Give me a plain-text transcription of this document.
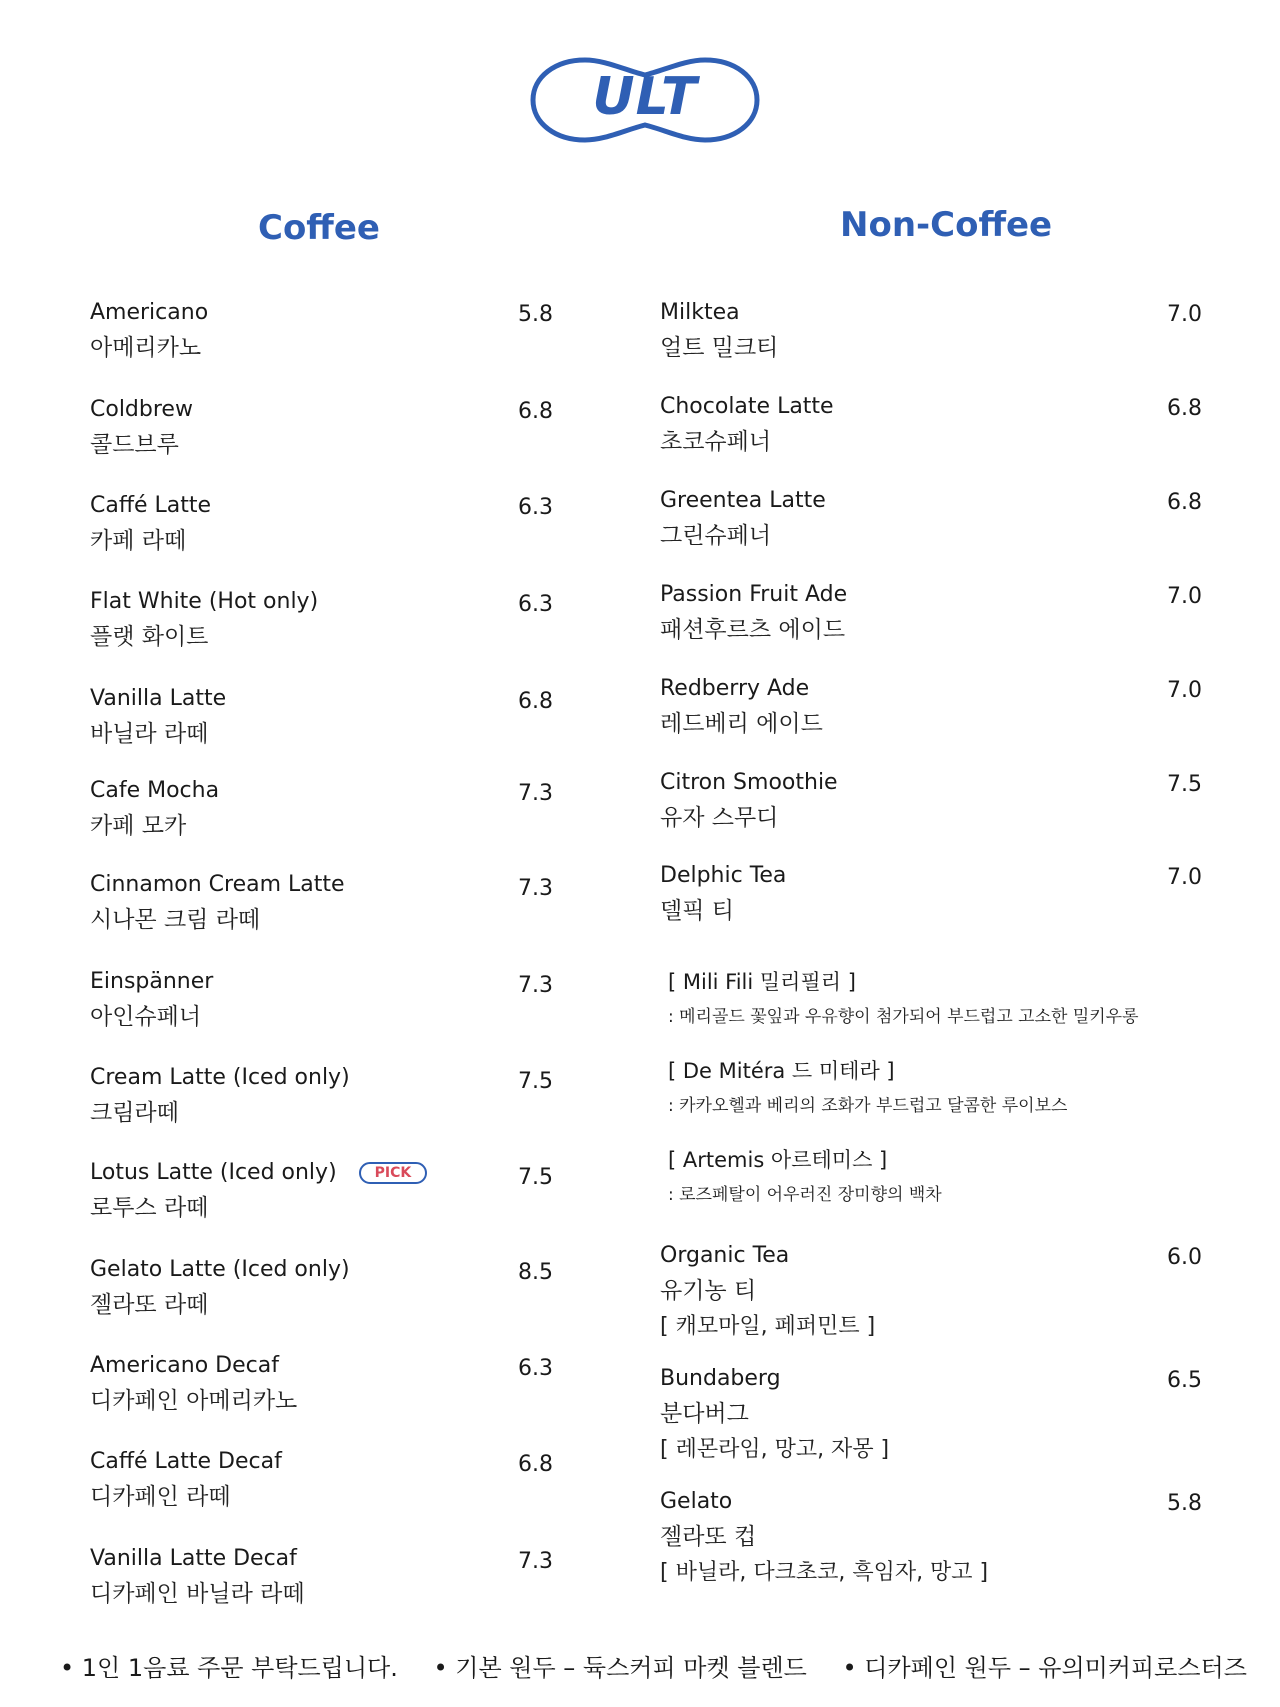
ULT
Coffee	Non-Coffee
Americano
아메리카노
5.8
Coldbrew
콜드브루
6.8
Caffé Latte
카페 라떼
6.3
Flat White (Hot only)
플랫 화이트
6.3
Vanilla Latte
바닐라 라떼
6.8
Cafe Mocha
카페 모카
7.3
Cinnamon Cream Latte
시나몬 크림 라떼
7.3
Einspänner
아인슈페너
7.3
Cream Latte (Iced only)
크림라떼
7.5
Lotus Latte (Iced only)	PICK
로투스 라떼
7.5
Gelato Latte (Iced only)
젤라또 라떼
8.5
Americano Decaf
디카페인 아메리카노
6.3
Caffé Latte Decaf
디카페인 라떼
6.8
Vanilla Latte Decaf
디카페인 바닐라 라떼
7.3
Milktea
얼트 밀크티
7.0
Chocolate Latte
초코슈페너
6.8
Greentea Latte
그린슈페너
6.8
Passion Fruit Ade
패션후르츠 에이드
7.0
Redberry Ade
레드베리 에이드
7.0
Citron Smoothie
유자 스무디
7.5
Delphic Tea
델픽 티
7.0
[ Mili Fili 밀리필리 ]
: 메리골드 꽃잎과 우유향이 첨가되어 부드럽고 고소한 밀키우롱
[ De Mitéra 드 미테라 ]
: 카카오헬과 베리의 조화가 부드럽고 달콤한 루이보스
[ Artemis 아르테미스 ]
: 로즈페탈이 어우러진 장미향의 백차
Organic Tea
유기농 티
[ 캐모마일, 페퍼민트 ]
6.0
Bundaberg
분다버그
[ 레몬라임, 망고, 자몽 ]
6.5
Gelato
젤라또 컵
[ 바닐라, 다크초코, 흑임자, 망고 ]
5.8
• 1인 1음료 주문 부탁드립니다. • 기본 원두 – 듁스커피 마켓 블렌드 • 디카페인 원두 – 유의미커피로스터즈
